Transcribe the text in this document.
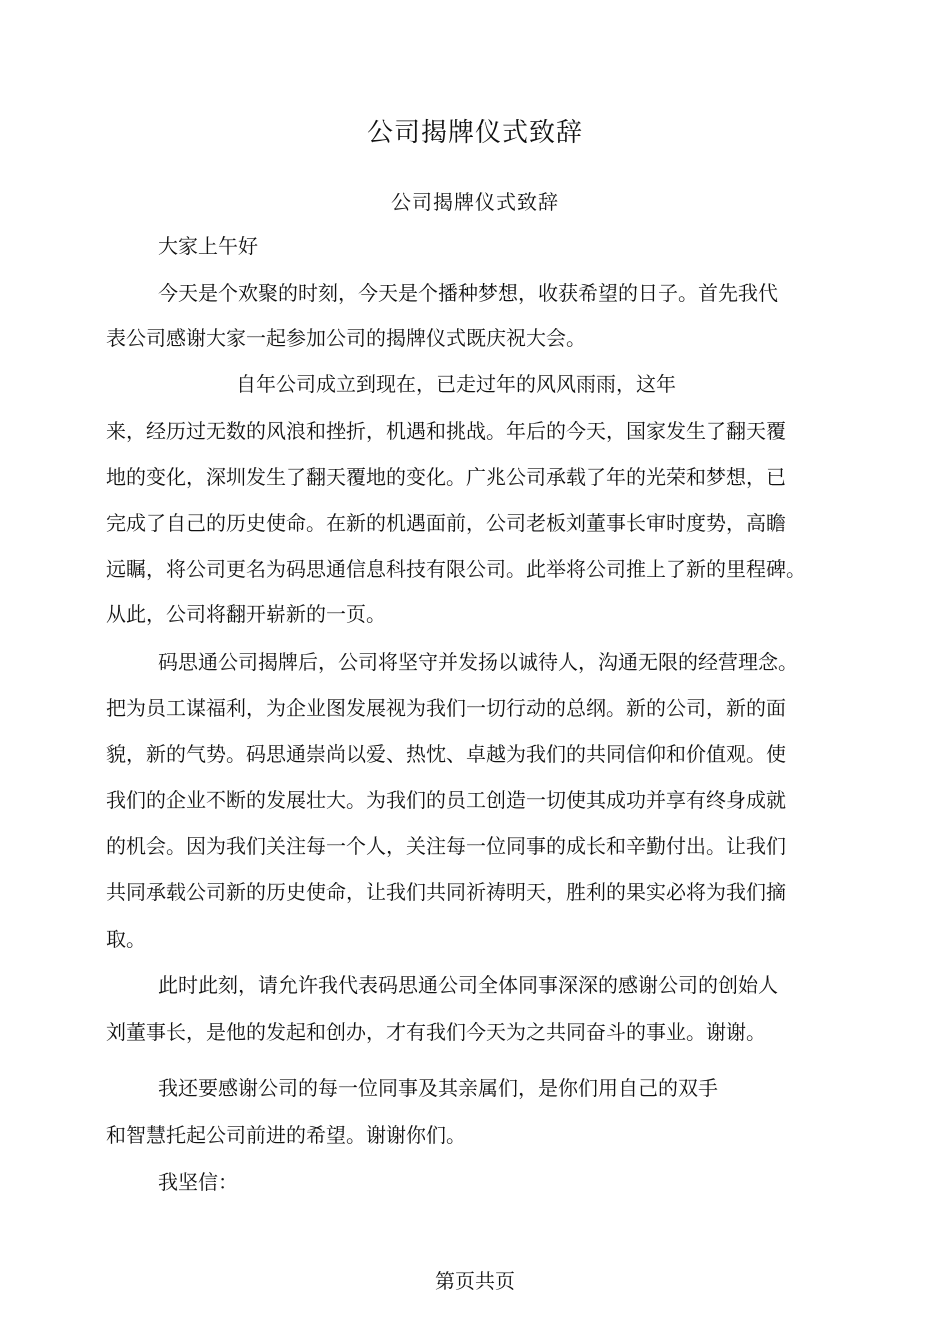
公司揭牌仪式致辞
公司揭牌仪式致辞
大家上午好
今天是个欢聚的时刻，今天是个播种梦想，收获希望的日子。首先我代
表公司感谢大家一起参加公司的揭牌仪式既庆祝大会。
自年公司成立到现在，已走过年的风风雨雨，这年
来，经历过无数的风浪和挫折，机遇和挑战。年后的今天，国家发生了翻天覆
地的变化，深圳发生了翻天覆地的变化。广兆公司承载了年的光荣和梦想，已
完成了自己的历史使命。在新的机遇面前，公司老板刘董事长审时度势，高瞻
远瞩，将公司更名为码思通信息科技有限公司。此举将公司推上了新的里程碑。
从此，公司将翻开崭新的一页。
码思通公司揭牌后，公司将坚守并发扬以诚待人，沟通无限的经营理念。
把为员工谋福利，为企业图发展视为我们一切行动的总纲。新的公司，新的面
貌，新的气势。码思通崇尚以爱、热忱、卓越为我们的共同信仰和价值观。使
我们的企业不断的发展壮大。为我们的员工创造一切使其成功并享有终身成就
的机会。因为我们关注每一个人，关注每一位同事的成长和辛勤付出。让我们
共同承载公司新的历史使命，让我们共同祈祷明天，胜利的果实必将为我们摘
取。
此时此刻，请允许我代表码思通公司全体同事深深的感谢公司的创始人
刘董事长，是他的发起和创办，才有我们今天为之共同奋斗的事业。谢谢。
我还要感谢公司的每一位同事及其亲属们，是你们用自己的双手
和智慧托起公司前进的希望。谢谢你们。
我坚信：
第页共页
